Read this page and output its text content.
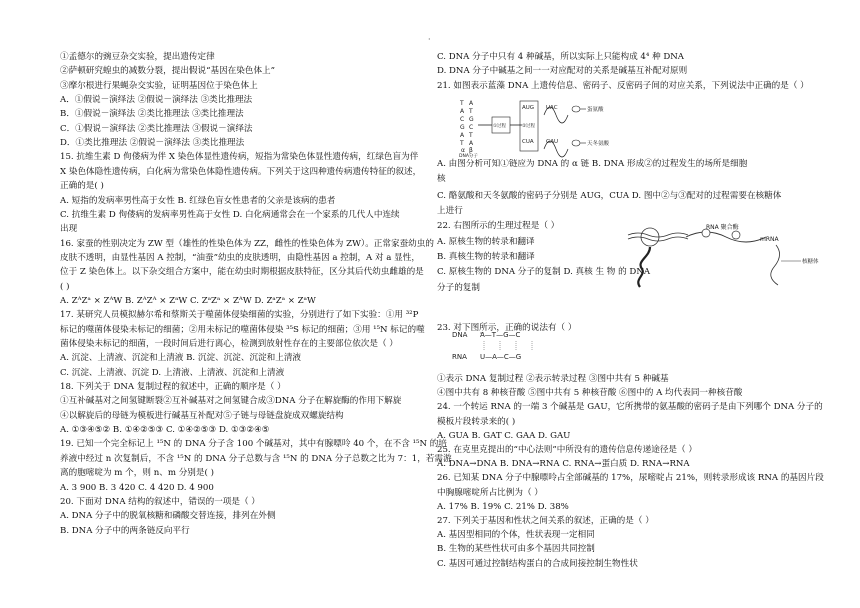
·
①孟德尔的豌豆杂交实验，提出遗传定律
②萨顿研究蝗虫的减数分裂，提出假说“基因在染色体上”
③摩尔根进行果蝇杂交实验，证明基因位于染色体上
A．①假说－演绎法 ②假说－演绎法 ③类比推理法
B．①假说－演绎法 ②类比推理法 ③类比推理法
C．①假说－演绎法 ②类比推理法 ③假说－演绎法
D．①类比推理法 ②假说－演绎法 ③类比推理法
15. 抗维生素 D 佝偻病为伴 X 染色体显性遗传病，短指为常染色体显性遗传病，红绿色盲为伴
X 染色体隐性遗传病，白化病为常染色体隐性遗传病。下列关于这四种遗传病遗传特征的叙述，
正确的是( )
A. 短指的发病率男性高于女性 B. 红绿色盲女性患者的父亲是该病的患者
C. 抗维生素 D 佝偻病的发病率男性高于女性 D. 白化病通常会在一个家系的几代人中连续
出现
16. 家蚕的性别决定为 ZW 型（雄性的性染色体为 ZZ，雌性的性染色体为 ZW）。正常家蚕幼虫的
皮肤不透明，由显性基因 A 控制，“油蚕”幼虫的皮肤透明，由隐性基因 a 控制，A 对 a 显性，
位于 Z 染色体上。以下杂交组合方案中，能在幼虫时期根据皮肤特征，区分其后代幼虫雌雄的是
( )
A. ZᴬZᵃ × ZᴬW B. ZᴬZᴬ × ZᵃW C. ZᵃZᵃ × ZᴬW D. ZᵃZᵃ × ZᵃW
17. 某研究人员模拟赫尔希和蔡斯关于噬菌体侵染细菌的实验，分别进行了如下实验：①用 ³²P
标记的噬菌体侵染未标记的细菌；②用未标记的噬菌体侵染 ³⁵S 标记的细菌；③用 ¹⁵N 标记的噬
菌体侵染未标记的细菌，一段时间后进行离心，检测到放射性存在的主要部位依次是（ ）
A. 沉淀、上清液、沉淀和上清液 B. 沉淀、沉淀、沉淀和上清液
C. 沉淀、上清液、沉淀 D. 上清液、上清液、沉淀和上清液
18. 下列关于 DNA 复制过程的叙述中，正确的顺序是（ ）
①互补碱基对之间氢键断裂②互补碱基对之间氢键合成③DNA 分子在解旋酶的作用下解旋
④以解旋后的母链为模板进行碱基互补配对⑤子链与母链盘旋成双螺旋结构
A. ①③④⑤② B. ①④②⑤③ C. ①④②⑤③ D. ①③②④⑤
19. 已知一个完全标记上 ¹⁵N 的 DNA 分子含 100 个碱基对，其中有腺嘌呤 40 个，在不含 ¹⁵N 的培
养液中经过 n 次复制后，不含 ¹⁵N 的 DNA 分子总数与含 ¹⁵N 的 DNA 分子总数之比为 7：1，若需游
离的胞嘧啶为 m 个，则 n、m 分别是( )
A. 3 900 B. 3 420 C. 4 420 D. 4 900
20. 下面对 DNA 结构的叙述中，错误的一项是（ ）
A. DNA 分子中的脱氧核糖和磷酸交替连接，排列在外侧
B. DNA 分子中的两条链反向平行
C. DNA 分子中只有 4 种碱基，所以实际上只能构成 4⁴ 种 DNA
D. DNA 分子中碱基之间一一对应配对的关系是碱基互补配对原则
21. 如图表示蓝藻 DNA 上遗传信息、密码子、反密码子间的对应关系，下列说法中正确的是（ ）
A. 由图分析可知①链应为 DNA 的 α 链 B. DNA 形成②的过程发生的场所是细胞
核
C. 酪氨酸和天冬氨酸的密码子分别是 AUG，CUA D. 图中②与③配对的过程需要在核糖体
上进行
22. 右图所示的生理过程是（ ）
A. 原核生物的转录和翻译
B. 真核生物的转录和翻译
C. 原核生物的 DNA 分子的复制 D. 真核 生 物 的 DNA
分子的复制
23. 对下图所示，正确的说法有（ ）
①表示 DNA 复制过程 ②表示转录过程 ③图中共有 5 种碱基
④图中共有 8 种核苷酸 ⑤图中共有 5 种核苷酸 ⑥图中的 A 均代表同一种核苷酸
24. 一个转运 RNA 的一端 3 个碱基是 GAU，它所携带的氨基酸的密码子是由下列哪个 DNA 分子的
模板片段转录来的( )
A. GUA B. GAT C. GAA D. GAU
25. 在克里克提出的“中心法则”中所没有的遗传信息传递途径是（ ）
A. DNA→DNA B. DNA→RNA C. RNA→蛋白质 D. RNA→RNA
26. 已知某 DNA 分子中腺嘌呤占全部碱基的 17%，尿嘧啶占 21%，则转录形成该 RNA 的基因片段
中胸腺嘧啶所占比例为（ ）
A. 17% B. 19% C. 21% D. 38%
27. 下列关于基因和性状之间关系的叙述，正确的是（ ）
A. 基因型相同的个体，性状表现一定相同
B. 生物的某些性状可由多个基因共同控制
C. 基因可通过控制结构蛋白的合成间接控制生物性状
T
A
C
G
A
T
A
T
G
C
T
A
α β
DNA分子
①过程
AUG
CUA
UAC
GAU
②过程
蛋氨酸
天冬氨酸
RNA 聚合酶
mRNA
核糖体
DNA A—T—G—C
RNA U—A—C—G
